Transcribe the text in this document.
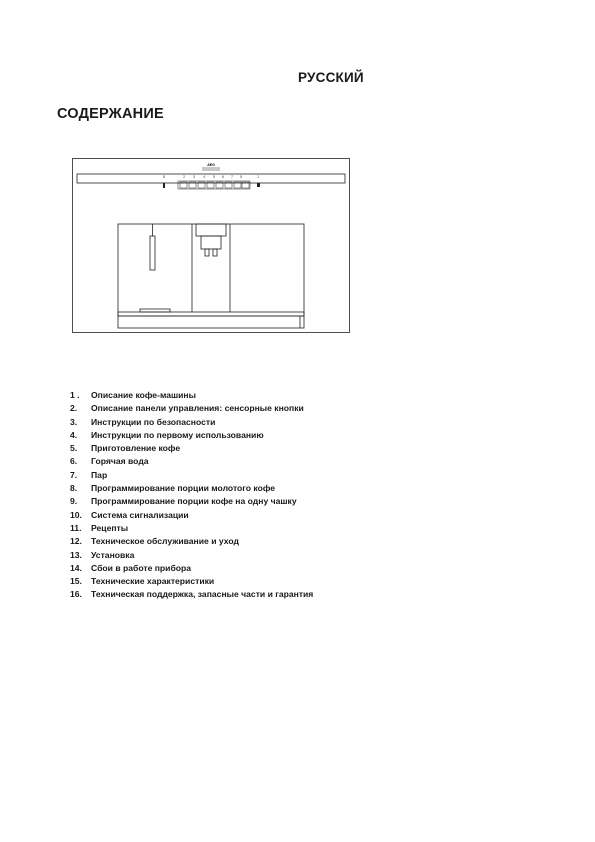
РУССКИЙ
СОДЕРЖАНИЕ
AEG
8	2	3	4	5 6 7 5	1
1 .	Описание кофе-машины
2.	Описание панели управления: сенсорные кнопки
3.	Инструкции по безопасности
4.	Инструкции по первому использованию
5.	Приготовление кофе
6.	Горячая вода
7.	Пар
8.	Программирование порции молотого кофе
9.	Программирование порции кофе на одну чашку
10.	Система сигнализации
11.	Рецепты
12.	Техническое обслуживание и уход
13.	Установка
14.	Сбои в работе прибора
15.	Технические характеристики
16.	Техническая поддержка, запасные части и гарантия
